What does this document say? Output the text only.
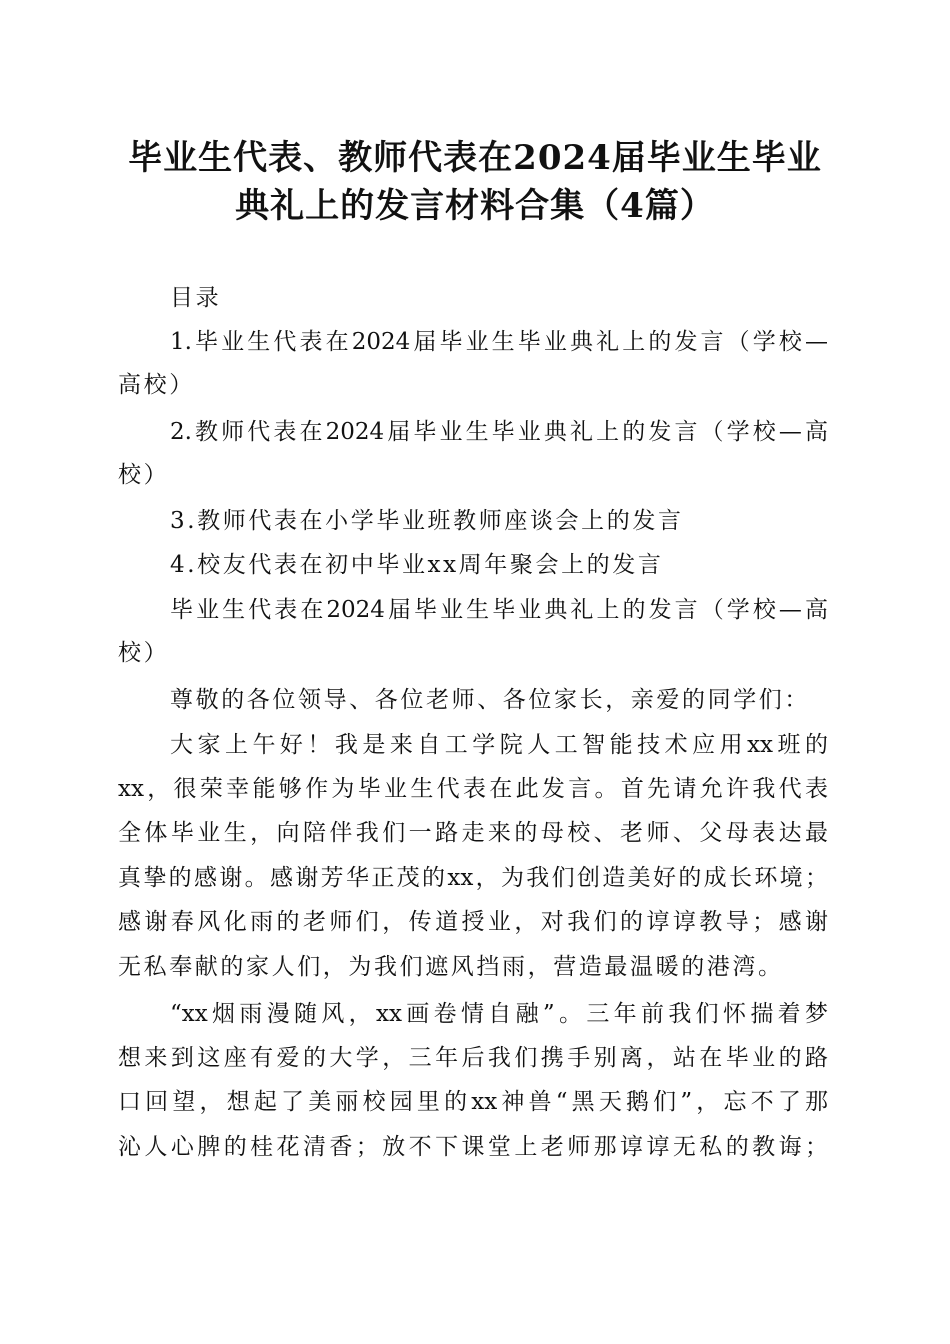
毕业生代表、教师代表在2024届毕业生毕业
典礼上的发言材料合集（4篇）
目录
1.毕业生代表在2024届毕业生毕业典礼上的发言（学校—
高校）
2.教师代表在2024届毕业生毕业典礼上的发言（学校—高
校）
3.教师代表在小学毕业班教师座谈会上的发言
4.校友代表在初中毕业xx周年聚会上的发言
毕业生代表在2024届毕业生毕业典礼上的发言（学校—高
校）
尊敬的各位领导、各位老师、各位家长，亲爱的同学们：
大家上午好！我是来自工学院人工智能技术应用xx班的
xx，很荣幸能够作为毕业生代表在此发言。首先请允许我代表
全体毕业生，向陪伴我们一路走来的母校、老师、父母表达最
真挚的感谢。感谢芳华正茂的xx，为我们创造美好的成长环境；
感谢春风化雨的老师们，传道授业，对我们的谆谆教导；感谢
无私奉献的家人们，为我们遮风挡雨，营造最温暖的港湾。
“xx烟雨漫随风，xx画卷情自融”。三年前我们怀揣着梦
想来到这座有爱的大学，三年后我们携手别离，站在毕业的路
口回望，想起了美丽校园里的xx神兽“黑天鹅们”，忘不了那
沁人心脾的桂花清香；放不下课堂上老师那谆谆无私的教诲；
